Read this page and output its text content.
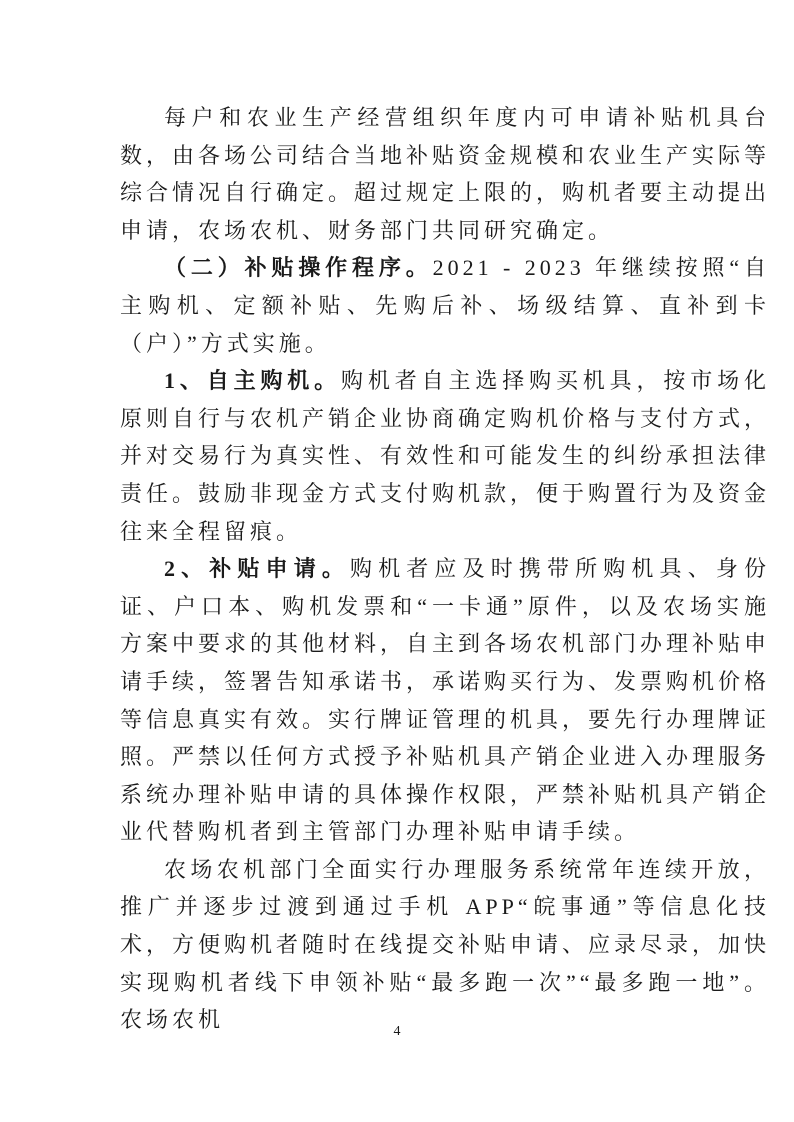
每户和农业生产经营组织年度内可申请补贴机具台数，由各场公司结合当地补贴资金规模和农业生产实际等综合情况自行确定。超过规定上限的，购机者要主动提出申请，农场农机、财务部门共同研究确定。

（二）补贴操作程序。2021 - 2023 年继续按照“自主购机、定额补贴、先购后补、场级结算、直补到卡（户）”方式实施。

1、自主购机。购机者自主选择购买机具，按市场化原则自行与农机产销企业协商确定购机价格与支付方式，并对交易行为真实性、有效性和可能发生的纠纷承担法律责任。鼓励非现金方式支付购机款，便于购置行为及资金往来全程留痕。

2、补贴申请。购机者应及时携带所购机具、身份证、户口本、购机发票和“一卡通”原件，以及农场实施方案中要求的其他材料，自主到各场农机部门办理补贴申请手续，签署告知承诺书，承诺购买行为、发票购机价格等信息真实有效。实行牌证管理的机具，要先行办理牌证照。严禁以任何方式授予补贴机具产销企业进入办理服务系统办理补贴申请的具体操作权限，严禁补贴机具产销企业代替购机者到主管部门办理补贴申请手续。

农场农机部门全面实行办理服务系统常年连续开放，推广并逐步过渡到通过手机 APP“皖事通”等信息化技术，方便购机者随时在线提交补贴申请、应录尽录，加快实现购机者线下申领补贴“最多跑一次”“最多跑一地”。农场农机	4
